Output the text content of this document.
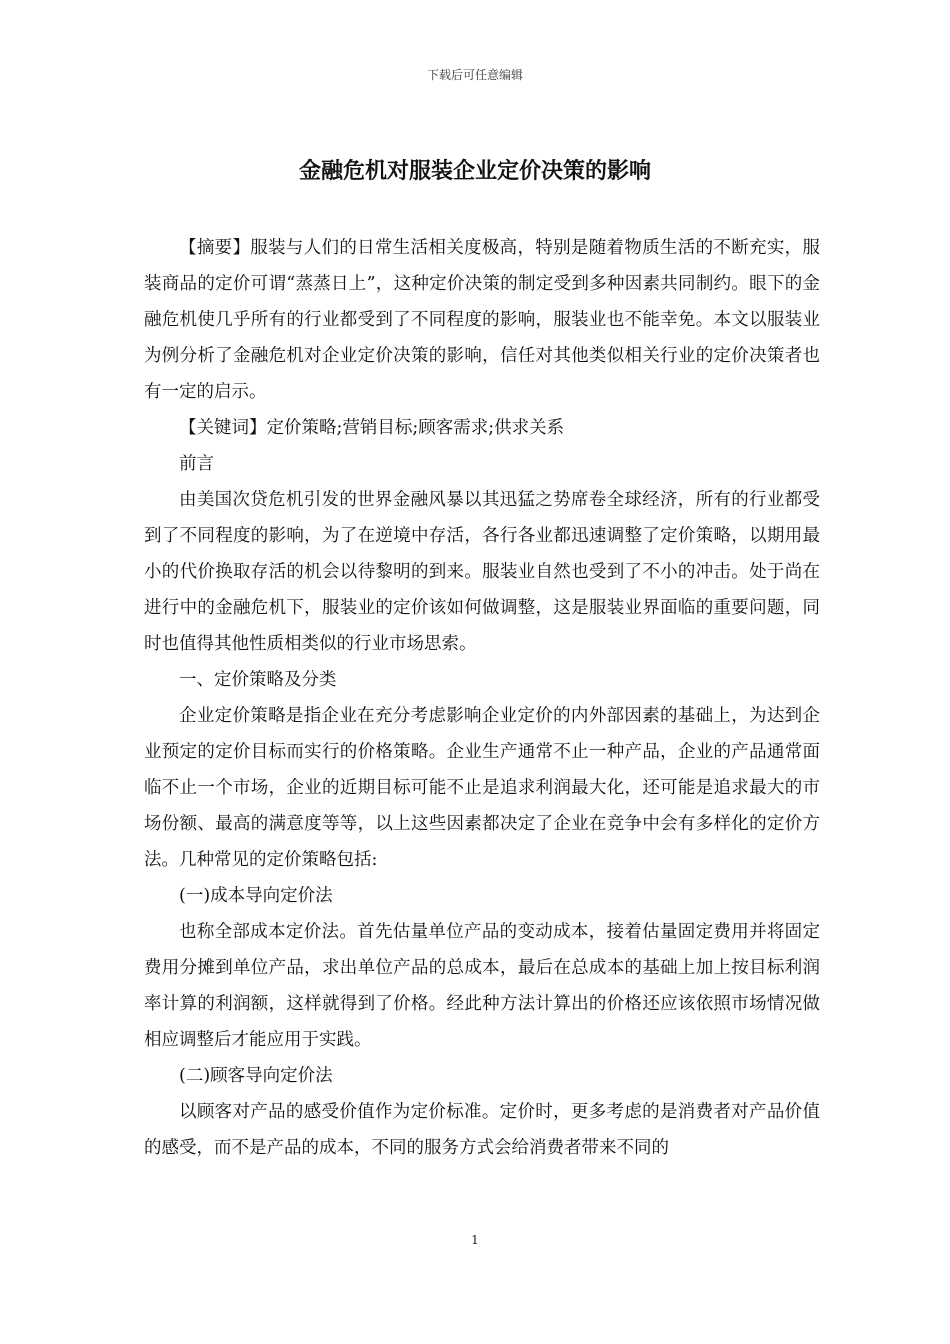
下载后可任意编辑
金融危机对服装企业定价决策的影响

【摘要】服装与人们的日常生活相关度极高，特别是随着物质生活的不断充实，服装商品的定价可谓“蒸蒸日上”，这种定价决策的制定受到多种因素共同制约。眼下的金融危机使几乎所有的行业都受到了不同程度的影响，服装业也不能幸免。本文以服装业为例分析了金融危机对企业定价决策的影响，信任对其他类似相关行业的定价决策者也有一定的启示。

【关键词】定价策略;营销目标;顾客需求;供求关系

前言

由美国次贷危机引发的世界金融风暴以其迅猛之势席卷全球经济，所有的行业都受到了不同程度的影响，为了在逆境中存活，各行各业都迅速调整了定价策略，以期用最小的代价换取存活的机会以待黎明的到来。服装业自然也受到了不小的冲击。处于尚在进行中的金融危机下，服装业的定价该如何做调整，这是服装业界面临的重要问题，同时也值得其他性质相类似的行业市场思索。

一、定价策略及分类

企业定价策略是指企业在充分考虑影响企业定价的内外部因素的基础上，为达到企业预定的定价目标而实行的价格策略。企业生产通常不止一种产品，企业的产品通常面临不止一个市场，企业的近期目标可能不止是追求利润最大化，还可能是追求最大的市场份额、最高的满意度等等，以上这些因素都决定了企业在竞争中会有多样化的定价方法。几种常见的定价策略包括:

(一)成本导向定价法

也称全部成本定价法。首先估量单位产品的变动成本，接着估量固定费用并将固定费用分摊到单位产品，求出单位产品的总成本，最后在总成本的基础上加上按目标利润率计算的利润额，这样就得到了价格。经此种方法计算出的价格还应该依照市场情况做相应调整后才能应用于实践。

(二)顾客导向定价法

以顾客对产品的感受价值作为定价标准。定价时，更多考虑的是消费者对产品价值的感受，而不是产品的成本，不同的服务方式会给消费者带来不同的

1
